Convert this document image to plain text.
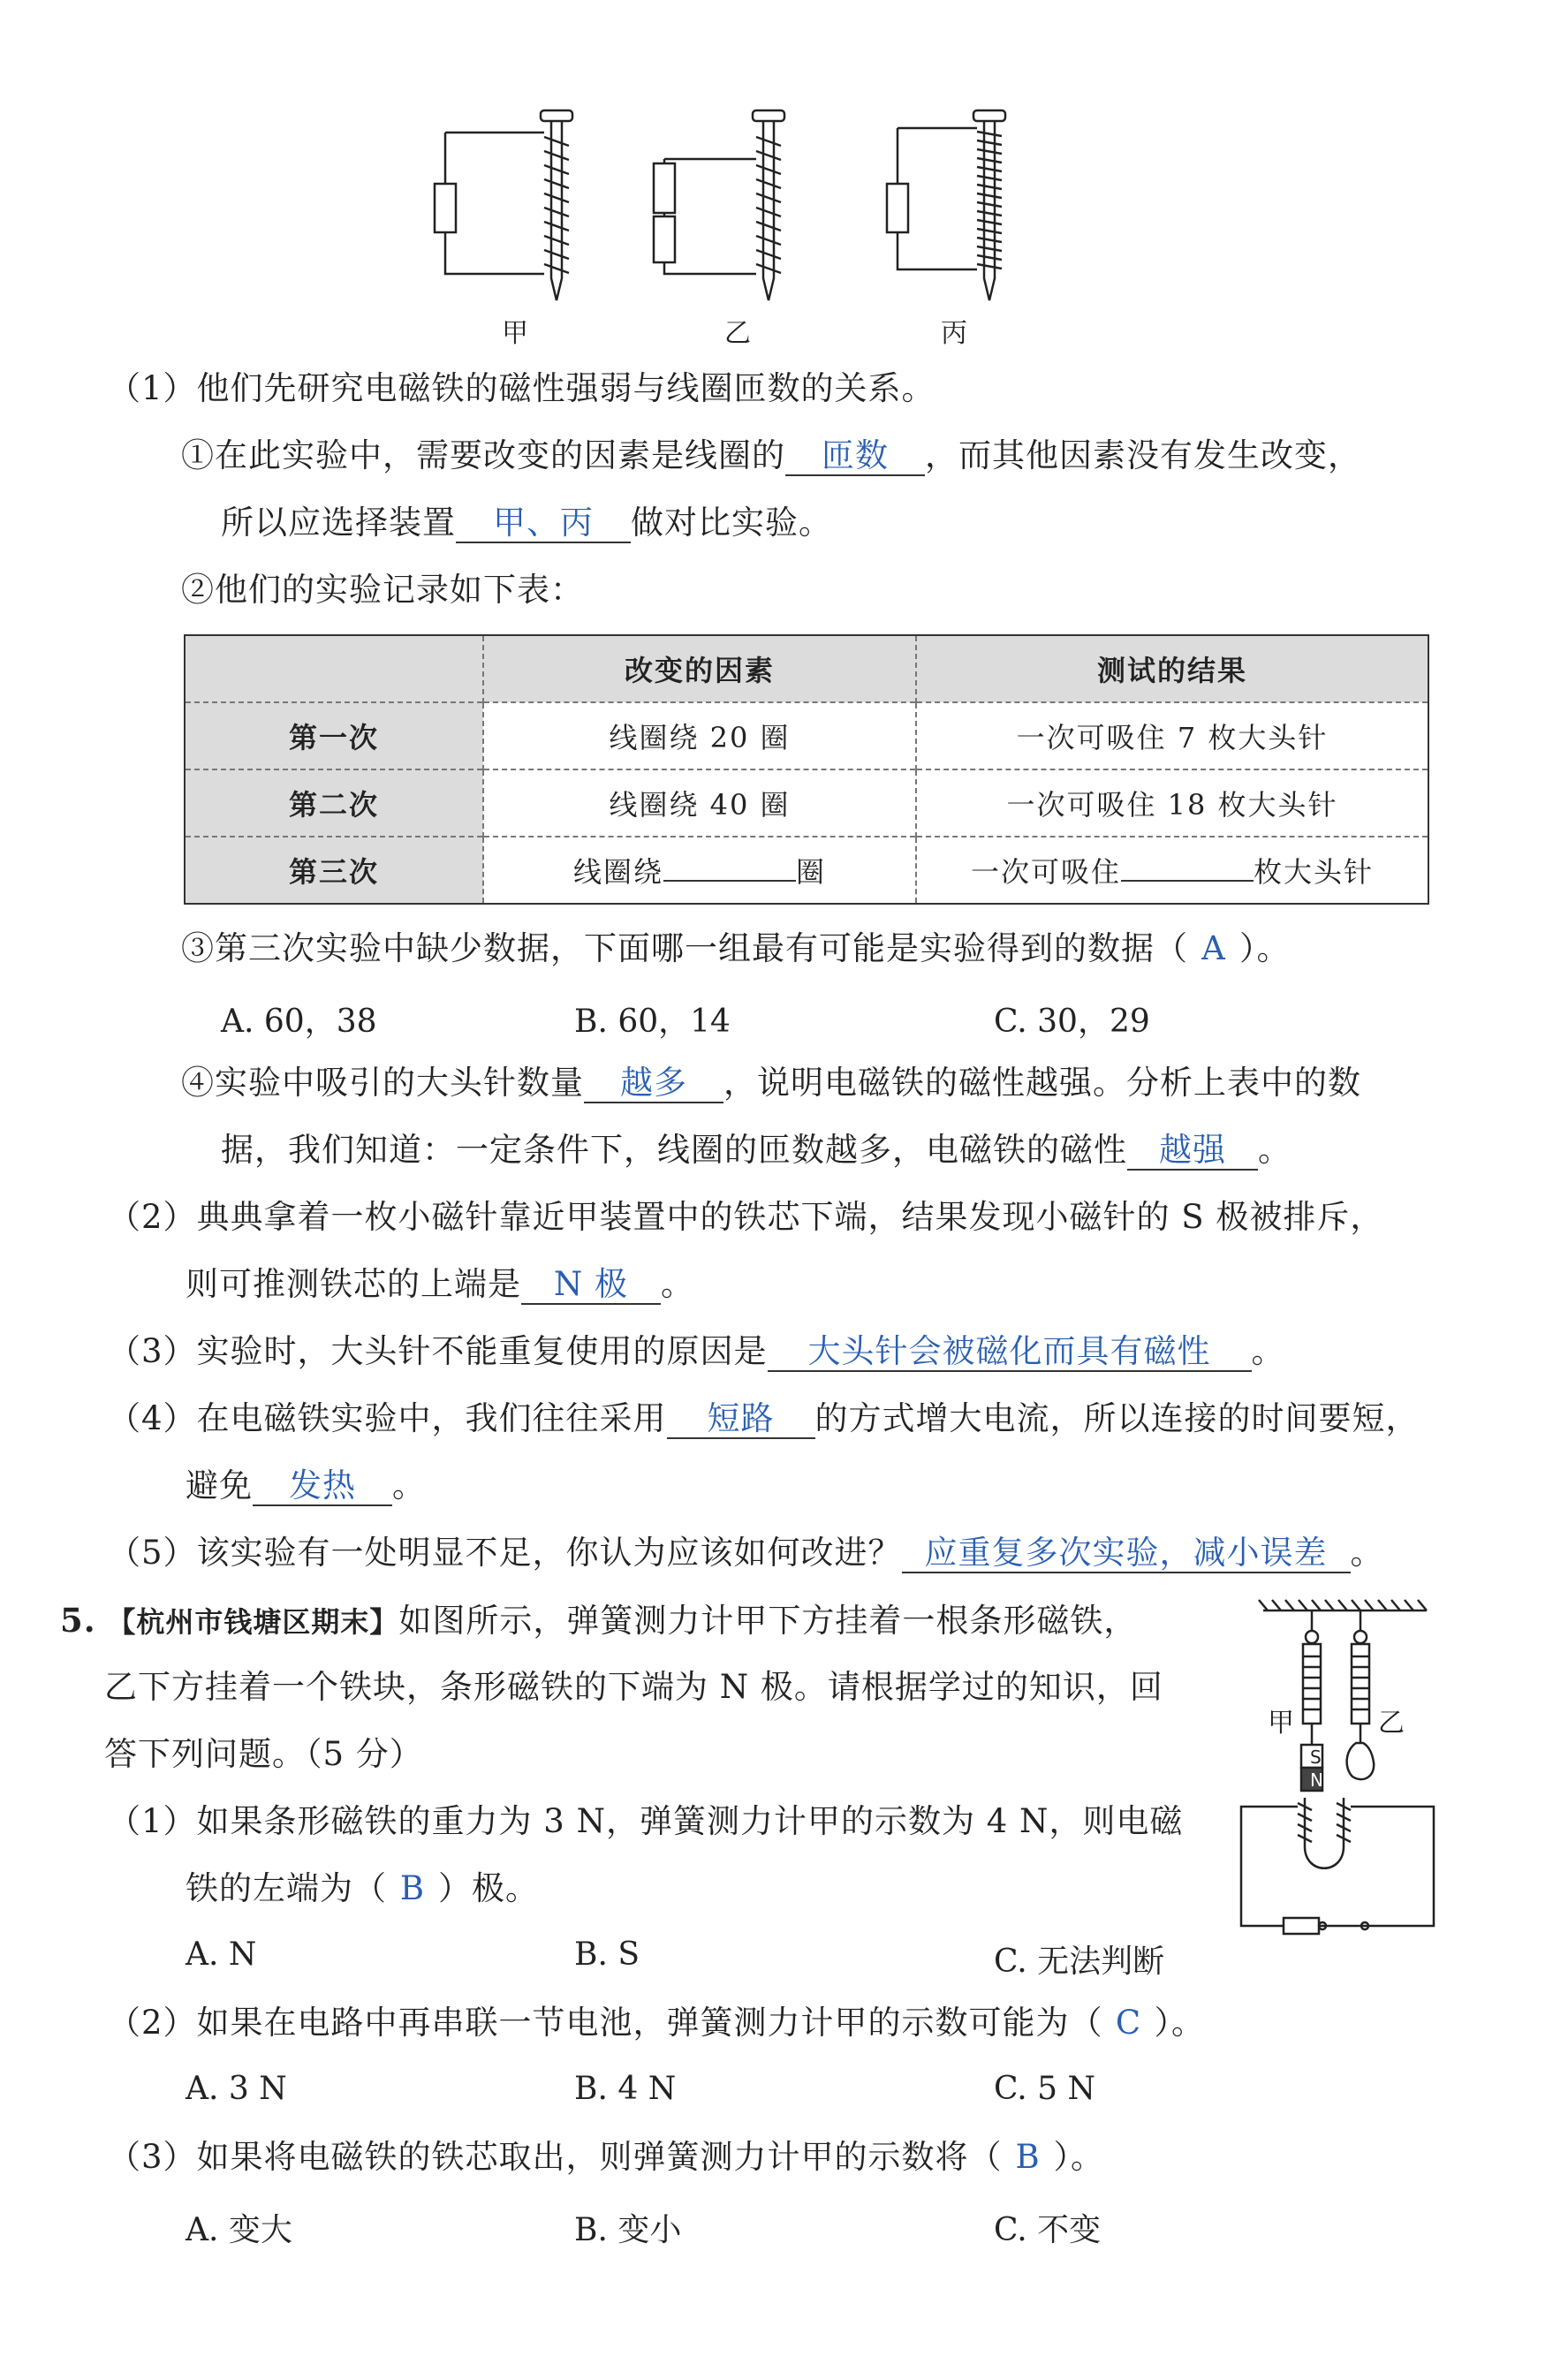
甲	乙	丙
（1）他们先研究电磁铁的磁性强弱与线圈匝数的关系。
①在此实验中，需要改变的因素是线圈的 匝数 ，而其他因素没有发生改变，
所以应选择装置 甲、丙 做对比实验。
②他们的实验记录如下表：
	改变的因素	测试的结果
第一次	线圈绕 20 圈	一次可吸住 7 枚大头针
第二次	线圈绕 40 圈	一次可吸住 18 枚大头针
第三次	线圈绕 圈	一次可吸住 枚大头针
③第三次实验中缺少数据，下面哪一组最有可能是实验得到的数据（ A ）。
A. 60，38	B. 60，14	C. 30，29
④实验中吸引的大头针数量 越多 ，说明电磁铁的磁性越强。分析上表中的数
据，我们知道：一定条件下，线圈的匝数越多，电磁铁的磁性 越强 。
（2）典典拿着一枚小磁针靠近甲装置中的铁芯下端，结果发现小磁针的 S 极被排斥，
则可推测铁芯的上端是 N 极 。
（3）实验时，大头针不能重复使用的原因是 大头针会被磁化而具有磁性 。
（4）在电磁铁实验中，我们往往采用 短路 的方式增大电流，所以连接的时间要短，
避免 发热 。
（5）该实验有一处明显不足，你认为应该如何改进？ 应重复多次实验，减小误差 。
5. 【杭州市钱塘区期末】如图所示，弹簧测力计甲下方挂着一根条形磁铁，
乙下方挂着一个铁块，条形磁铁的下端为 N 极。请根据学过的知识，回
答下列问题。（5 分）
甲	乙
S
N
（1）如果条形磁铁的重力为 3 N，弹簧测力计甲的示数为 4 N，则电磁
铁的左端为（ B ）极。
A. N	B. S	C. 无法判断
（2）如果在电路中再串联一节电池，弹簧测力计甲的示数可能为（ C ）。
A. 3 N	B. 4 N	C. 5 N
（3）如果将电磁铁的铁芯取出，则弹簧测力计甲的示数将（ B ）。
A. 变大	B. 变小	C. 不变
